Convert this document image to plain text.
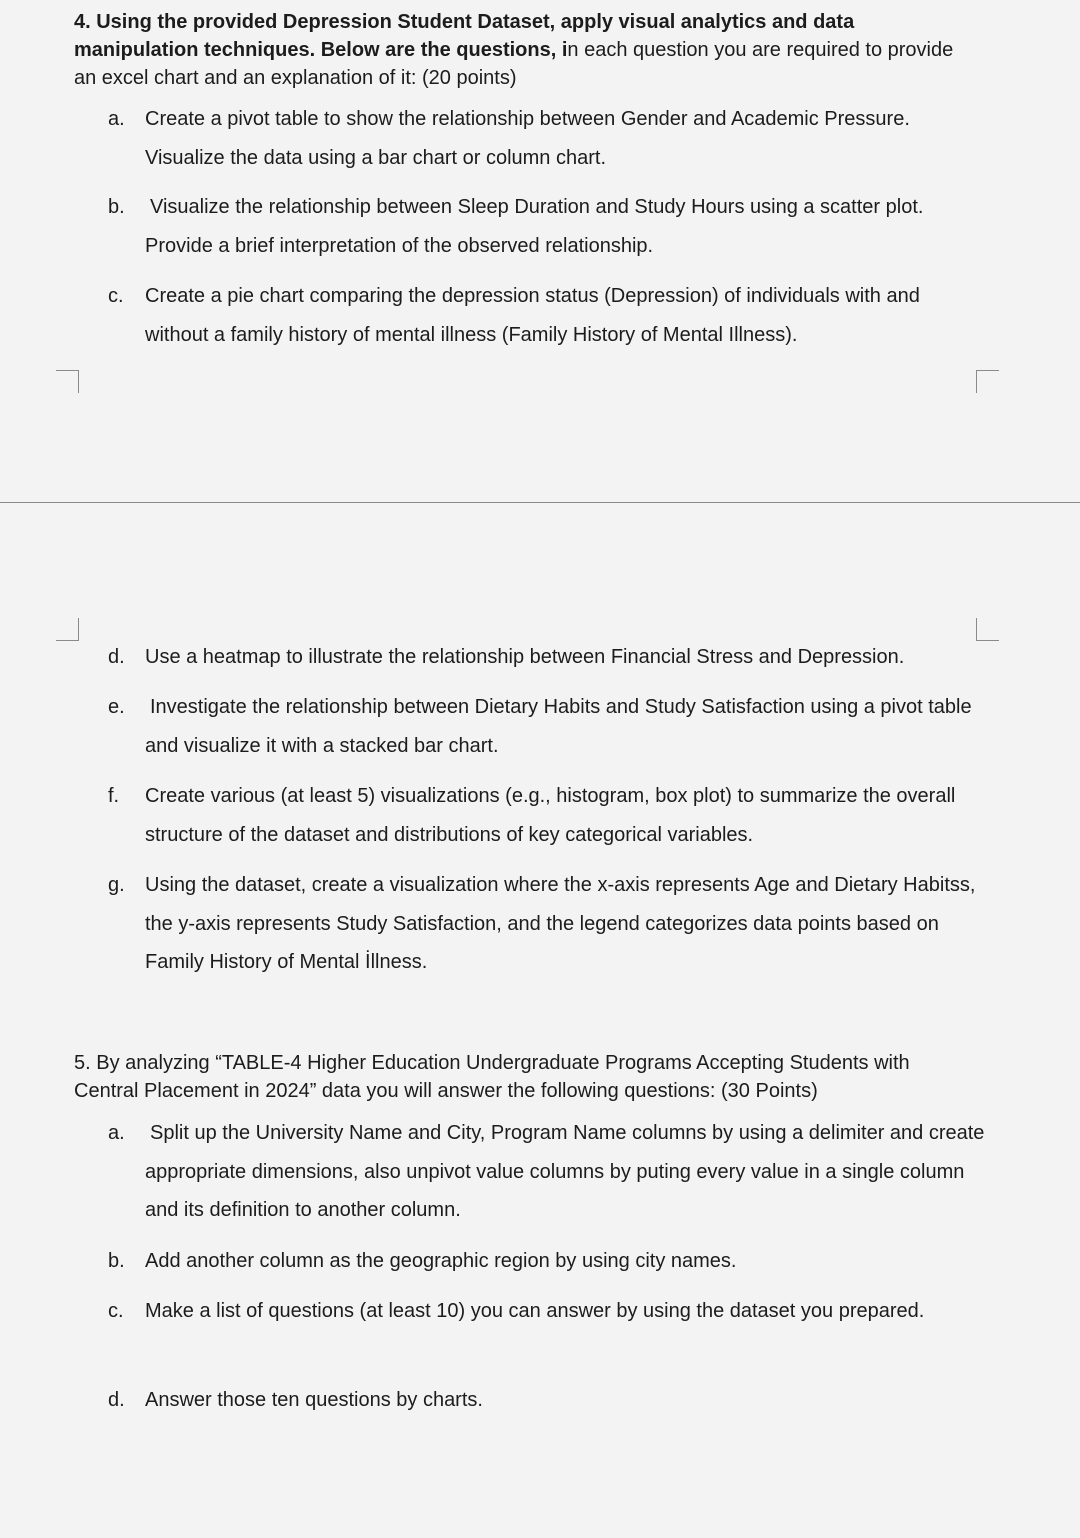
4. Using the provided Depression Student Dataset, apply visual analytics and data manipulation techniques. Below are the questions, in each question you are required to provide an excel chart and an explanation of it: (20 points)

a.	Create a pivot table to show the relationship between Gender and Academic Pressure. Visualize the data using a bar chart or column chart.
b.	Visualize the relationship between Sleep Duration and Study Hours using a scatter plot. Provide a brief interpretation of the observed relationship.
c.	Create a pie chart comparing the depression status (Depression) of individuals with and without a family history of mental illness (Family History of Mental Illness).
d.	Use a heatmap to illustrate the relationship between Financial Stress and Depression.
e.	Investigate the relationship between Dietary Habits and Study Satisfaction using a pivot table and visualize it with a stacked bar chart.
f.	Create various (at least 5) visualizations (e.g., histogram, box plot) to summarize the overall structure of the dataset and distributions of key categorical variables.
g.	Using the dataset, create a visualization where the x-axis represents Age and Dietary Habitss, the y-axis represents Study Satisfaction, and the legend categorizes data points based on Family History of Mental İllness.

5. By analyzing “TABLE-4 Higher Education Undergraduate Programs Accepting Students with Central Placement in 2024” data you will answer the following questions: (30 Points)

a.	Split up the University Name and City, Program Name columns by using a delimiter and create appropriate dimensions, also unpivot value columns by puting every value in a single column and its definition to another column.
b.	Add another column as the geographic region by using city names.
c.	Make a list of questions (at least 10) you can answer by using the dataset you prepared.
d.	Answer those ten questions by charts.
